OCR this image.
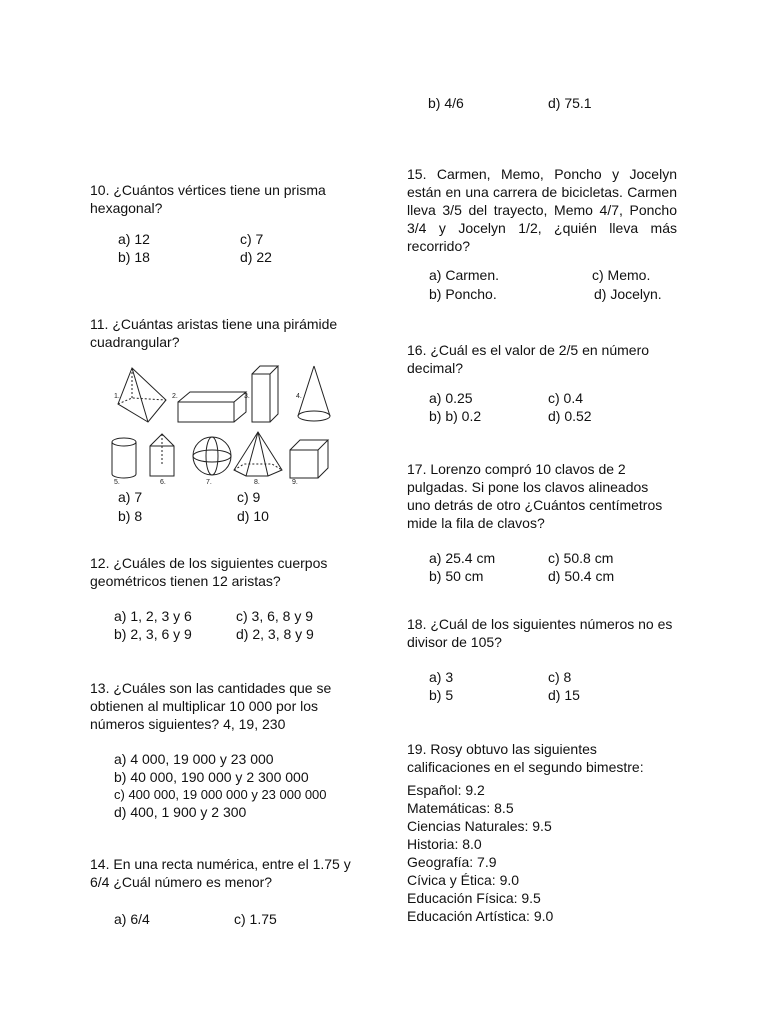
b) 4/6	d) 75.1
10. ¿Cuántos vértices tiene un prisma hexagonal?
a) 12
b) 18
c) 7
d) 22
11. ¿Cuántas aristas tiene una pirámide cuadrangular?
1.	2.	3.	4.
5.	6.	7.	8.	9.
a) 7
b) 8
c) 9
d) 10
12. ¿Cuáles de los siguientes cuerpos geométricos tienen 12 aristas?
a) 1, 2, 3 y 6
b) 2, 3, 6 y 9
c) 3, 6, 8 y 9
d) 2, 3, 8 y 9
13. ¿Cuáles son las cantidades que se obtienen al multiplicar 10 000 por los números siguientes? 4, 19, 230
a) 4 000, 19 000 y 23 000
b) 40 000, 190 000 y 2 300 000
c) 400 000, 19 000 000 y 23 000 000
d) 400, 1 900 y 2 300
14. En una recta numérica, entre el 1.75 y 6/4 ¿Cuál número es menor?
a) 6/4	c) 1.75
15. Carmen, Memo, Poncho y Jocelyn están en una carrera de bicicletas. Carmen lleva 3/5 del trayecto, Memo 4/7, Poncho 3/4 y Jocelyn 1/2, ¿quién lleva más recorrido?
a) Carmen.
b) Poncho.
c) Memo.
d) Jocelyn.
16. ¿Cuál es el valor de 2/5 en número decimal?
a) 0.25
b) b) 0.2
c) 0.4
d) 0.52
17. Lorenzo compró 10 clavos de 2 pulgadas. Si pone los clavos alineados uno detrás de otro ¿Cuántos centímetros mide la fila de clavos?
a) 25.4 cm
b) 50 cm
c) 50.8 cm
d) 50.4 cm
18. ¿Cuál de los siguientes números no es divisor de 105?
a) 3
b) 5
c) 8
d) 15
19. Rosy obtuvo las siguientes calificaciones en el segundo bimestre:
Español: 9.2
Matemáticas: 8.5
Ciencias Naturales: 9.5
Historia: 8.0
Geografía: 7.9
Cívica y Ética: 9.0
Educación Física: 9.5
Educación Artística: 9.0
